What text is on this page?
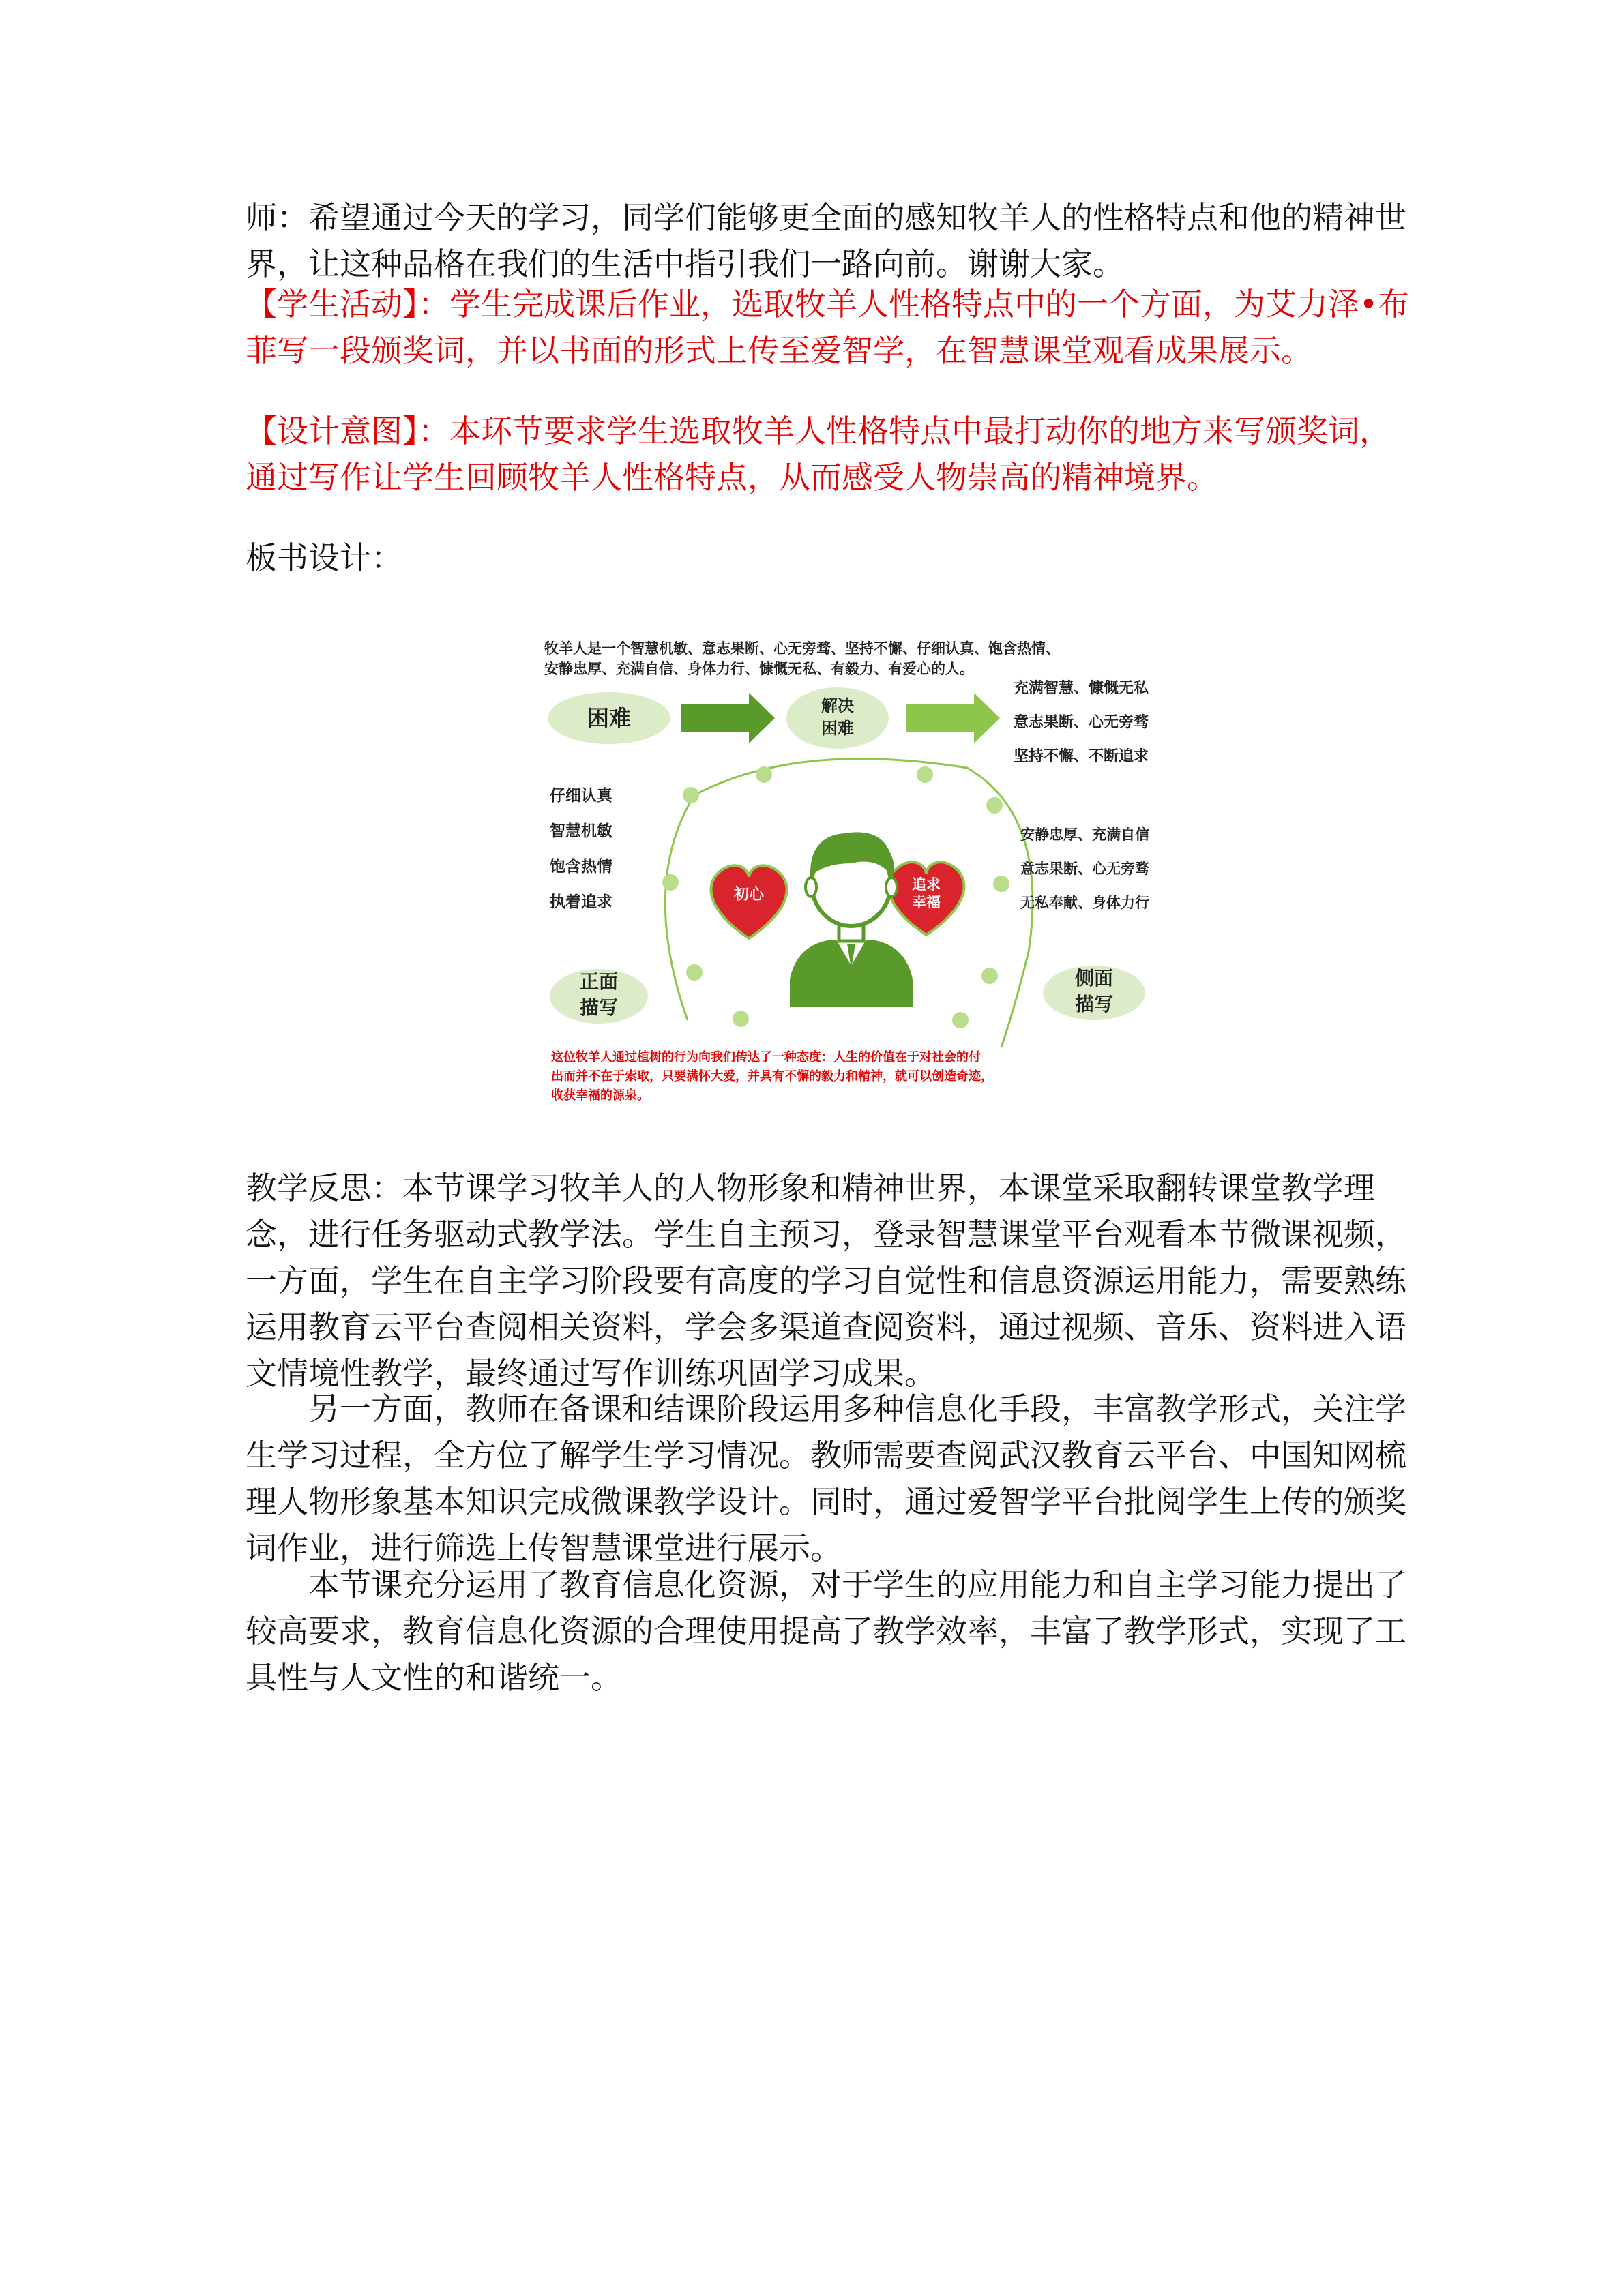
师：希望通过今天的学习，同学们能够更全面的感知牧羊人的性格特点和他的精神世界，让这种品格在我们的生活中指引我们一路向前。谢谢大家。

【学生活动】：学生完成课后作业，选取牧羊人性格特点中的一个方面，为艾力泽•布菲写一段颁奖词，并以书面的形式上传至爱智学，在智慧课堂观看成果展示。

【设计意图】：本环节要求学生选取牧羊人性格特点中最打动你的地方来写颁奖词，通过写作让学生回顾牧羊人性格特点，从而感受人物崇高的精神境界。

板书设计：

牧羊人是一个智慧机敏、意志果断、心无旁骛、坚持不懈、仔细认真、饱含热情、
安静忠厚、充满自信、身体力行、慷慨无私、有毅力、有爱心的人。
困难	解决
困难
充满智慧、慷慨无私
意志果断、心无旁骛
坚持不懈、不断追求
仔细认真
智慧机敏
饱含热情
执着追求
安静忠厚、充满自信
意志果断、心无旁骛
无私奉献、身体力行
初心
追求
幸福
正面
描写
侧面
描写
这位牧羊人通过植树的行为向我们传达了一种态度：人生的价值在于对社会的付
出而并不在于索取，只要满怀大爱，并具有不懈的毅力和精神，就可以创造奇迹，
收获幸福的源泉。

教学反思：本节课学习牧羊人的人物形象和精神世界，本课堂采取翻转课堂教学理念，进行任务驱动式教学法。学生自主预习，登录智慧课堂平台观看本节微课视频，一方面，学生在自主学习阶段要有高度的学习自觉性和信息资源运用能力，需要熟练运用教育云平台查阅相关资料，学会多渠道查阅资料，通过视频、音乐、资料进入语文情境性教学，最终通过写作训练巩固学习成果。

另一方面，教师在备课和结课阶段运用多种信息化手段，丰富教学形式，关注学生学习过程，全方位了解学生学习情况。教师需要查阅武汉教育云平台、中国知网梳理人物形象基本知识完成微课教学设计。同时，通过爱智学平台批阅学生上传的颁奖词作业，进行筛选上传智慧课堂进行展示。

本节课充分运用了教育信息化资源，对于学生的应用能力和自主学习能力提出了较高要求，教育信息化资源的合理使用提高了教学效率，丰富了教学形式，实现了工具性与人文性的和谐统一。
